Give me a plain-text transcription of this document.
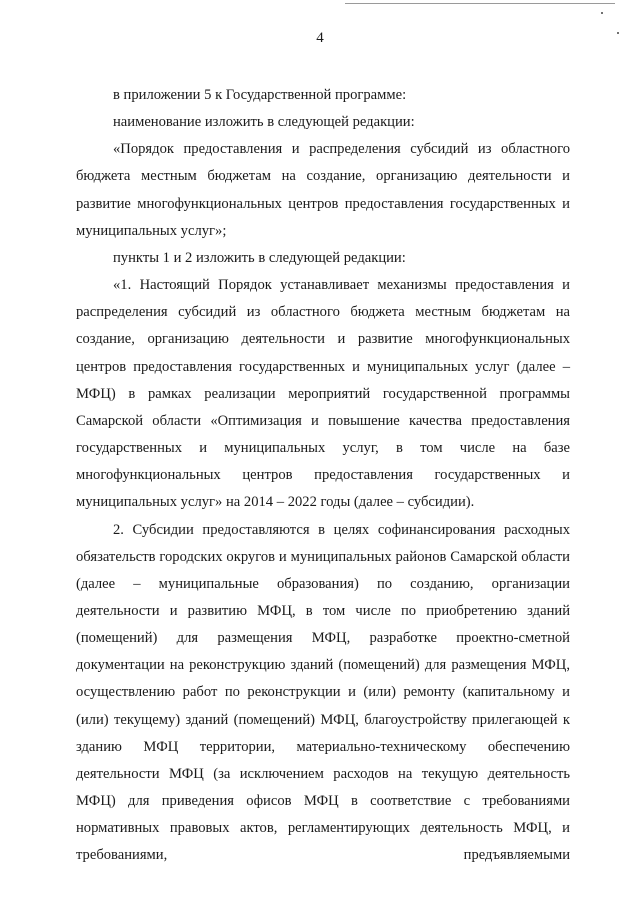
4

в приложении 5 к Государственной программе:

наименование изложить в следующей редакции:

«Порядок предоставления и распределения субсидий из областного бюджета местным бюджетам на создание, организацию деятельности и развитие многофункциональных центров предоставления государственных и муниципальных услуг»;

пункты 1 и 2 изложить в следующей редакции:

«1. Настоящий Порядок устанавливает механизмы предоставления и распределения субсидий из областного бюджета местным бюджетам на создание, организацию деятельности и развитие многофункциональных центров предоставления государственных и муниципальных услуг (далее – МФЦ) в рамках реализации мероприятий государственной программы Самарской области «Оптимизация и повышение качества предоставления государственных и муниципальных услуг, в том числе на базе многофункциональных центров предоставления государственных и муниципальных услуг» на 2014 – 2022 годы (далее – субсидии).

2. Субсидии предоставляются в целях софинансирования расходных обязательств городских округов и муниципальных районов Самарской области (далее – муниципальные образования) по созданию, организации деятельности и развитию МФЦ, в том числе по приобретению зданий (помещений) для размещения МФЦ, разработке проектно-сметной документации на реконструкцию зданий (помещений) для размещения МФЦ, осуществлению работ по реконструкции и (или) ремонту (капитальному и (или) текущему) зданий (помещений) МФЦ, благоустройству прилегающей к зданию МФЦ территории, материально-техническому обеспечению деятельности МФЦ (за исключением расходов на текущую деятельность МФЦ) для приведения офисов МФЦ в соответствие с требованиями нормативных правовых актов, регламентирующих деятельность МФЦ, и требованиями, предъявляемыми
